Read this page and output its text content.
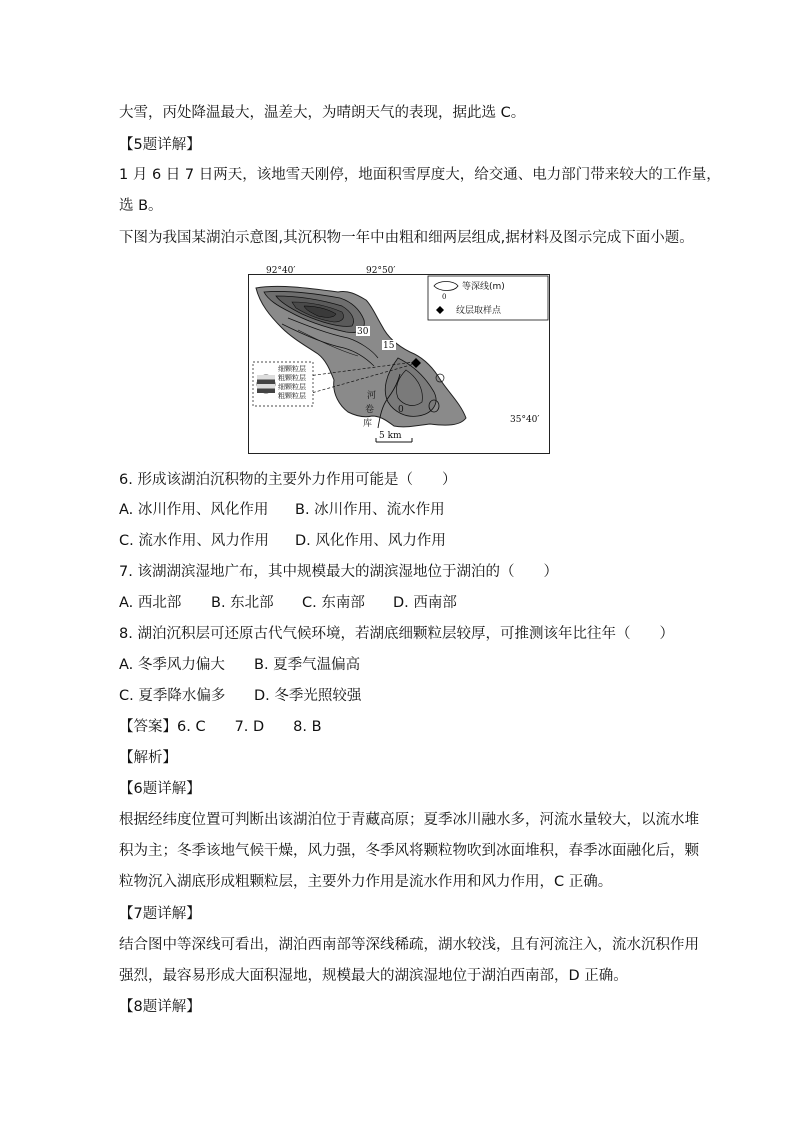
大雪，丙处降温最大，温差大，为晴朗天气的表现，据此选 C。
【5题详解】
1 月 6 日 7 日两天，该地雪天刚停，地面积雪厚度大，给交通、电力部门带来较大的工作量，
选 B。
下图为我国某湖泊示意图,其沉积物一年中由粗和细两层组成,据材料及图示完成下面小题。
30
15
0
细颗粒层
粗颗粒层
细颗粒层
粗颗粒层
92°40′	92°50′
35°40′
0
等深线(m)
纹层取样点
河
卷
库
5 km
6. 形成该湖泊沉积物的主要外力作用可能是（　　）
A. 冰川作用、风化作用 B. 冰川作用、流水作用
C. 流水作用、风力作用 D. 风化作用、风力作用
7. 该湖湖滨湿地广布，其中规模最大的湖滨湿地位于湖泊的（　　）
A. 西北部 B. 东北部 C. 东南部 D. 西南部
8. 湖泊沉积层可还原古代气候环境，若湖底细颗粒层较厚，可推测该年比往年（　　）
A. 冬季风力偏大 B. 夏季气温偏高
C. 夏季降水偏多 D. 冬季光照较强
【答案】6. C　　7. D　　8. B
【解析】
【6题详解】
根据经纬度位置可判断出该湖泊位于青藏高原；夏季冰川融水多，河流水量较大，以流水堆
积为主；冬季该地气候干燥，风力强，冬季风将颗粒物吹到冰面堆积，春季冰面融化后，颗
粒物沉入湖底形成粗颗粒层，主要外力作用是流水作用和风力作用，C 正确。
【7题详解】
结合图中等深线可看出，湖泊西南部等深线稀疏，湖水较浅，且有河流注入，流水沉积作用
强烈，最容易形成大面积湿地，规模最大的湖滨湿地位于湖泊西南部，D 正确。
【8题详解】
